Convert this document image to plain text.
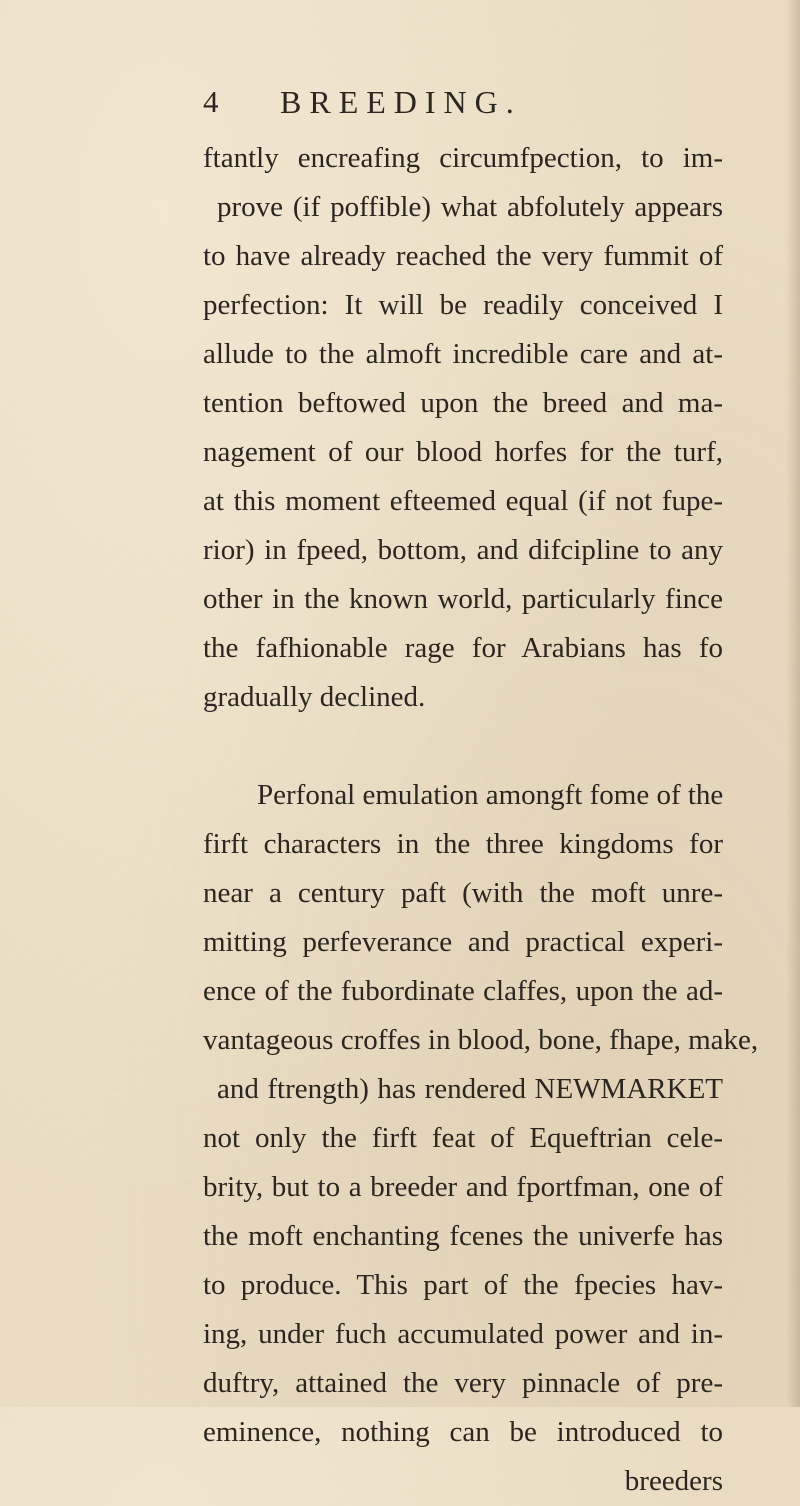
4 BREEDING.
ftantly encreafing circumfpection, to im-
prove (if poffible) what abfolutely appears
to have already reached the very fummit of
perfection: It will be readily conceived I
allude to the almoft incredible care and at-
tention beftowed upon the breed and ma-
nagement of our blood horfes for the turf,
at this moment efteemed equal (if not fupe-
rior) in fpeed, bottom, and difcipline to any
other in the known world, particularly fince
the fafhionable rage for Arabians has fo
gradually declined.
Perfonal emulation amongft fome of the
firft characters in the three kingdoms for
near a century paft (with the moft unre-
mitting perfeverance and practical experi-
ence of the fubordinate claffes, upon the ad-
vantageous croffes in blood, bone, fhape, make,
and ftrength) has rendered NEWMARKET
not only the firft feat of Equeftrian cele-
brity, but to a breeder and fportfman, one of
the moft enchanting fcenes the univerfe has
to produce. This part of the fpecies hav-
ing, under fuch accumulated power and in-
duftry, attained the very pinnacle of pre-
eminence, nothing can be introduced to
breeders
